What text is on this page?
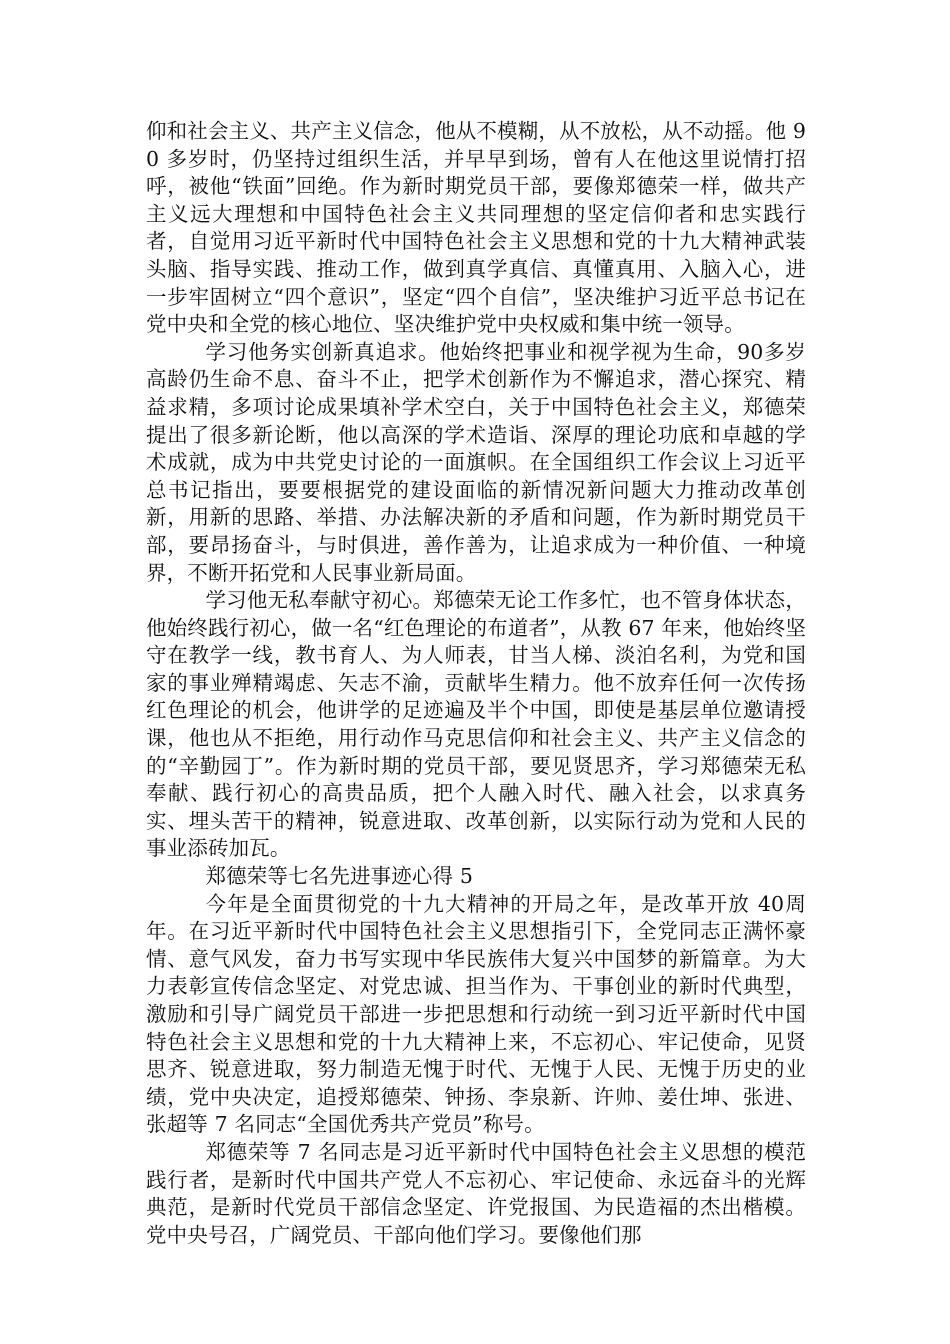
仰和社会主义、共产主义信念，他从不模糊，从不放松，从不动摇。他 90 多岁时，仍坚持过组织生活，并早早到场，曾有人在他这里说情打招呼，被他“铁面”回绝。作为新时期党员干部，要像郑德荣一样，做共产主义远大理想和中国特色社会主义共同理想的坚定信仰者和忠实践行者，自觉用习近平新时代中国特色社会主义思想和党的十九大精神武装头脑、指导实践、推动工作，做到真学真信、真懂真用、入脑入心，进一步牢固树立“四个意识”，坚定“四个自信”，坚决维护习近平总书记在党中央和全党的核心地位、坚决维护党中央权威和集中统一领导。

学习他务实创新真追求。他始终把事业和视学视为生命，90多岁高龄仍生命不息、奋斗不止，把学术创新作为不懈追求，潜心探究、精益求精，多项讨论成果填补学术空白，关于中国特色社会主义，郑德荣提出了很多新论断，他以高深的学术造诣、深厚的理论功底和卓越的学术成就，成为中共党史讨论的一面旗帜。在全国组织工作会议上习近平总书记指出，要要根据党的建设面临的新情况新问题大力推动改革创新，用新的思路、举措、办法解决新的矛盾和问题，作为新时期党员干部，要昂扬奋斗，与时俱进，善作善为，让追求成为一种价值、一种境界，不断开拓党和人民事业新局面。

学习他无私奉献守初心。郑德荣无论工作多忙，也不管身体状态，他始终践行初心，做一名“红色理论的布道者”，从教 67 年来，他始终坚守在教学一线，教书育人、为人师表，甘当人梯、淡泊名利，为党和国家的事业殚精竭虑、矢志不渝，贡献毕生精力。他不放弃任何一次传扬红色理论的机会，他讲学的足迹遍及半个中国，即使是基层单位邀请授课，他也从不拒绝，用行动作马克思信仰和社会主义、共产主义信念的的“辛勤园丁”。作为新时期的党员干部，要见贤思齐，学习郑德荣无私奉献、践行初心的高贵品质，把个人融入时代、融入社会，以求真务实、埋头苦干的精神，锐意进取、改革创新，以实际行动为党和人民的事业添砖加瓦。

郑德荣等七名先进事迹心得 5

今年是全面贯彻党的十九大精神的开局之年，是改革开放 40周年。在习近平新时代中国特色社会主义思想指引下，全党同志正满怀豪情、意气风发，奋力书写实现中华民族伟大复兴中国梦的新篇章。为大力表彰宣传信念坚定、对党忠诚、担当作为、干事创业的新时代典型，激励和引导广阔党员干部进一步把思想和行动统一到习近平新时代中国特色社会主义思想和党的十九大精神上来，不忘初心、牢记使命，见贤思齐、锐意进取，努力制造无愧于时代、无愧于人民、无愧于历史的业绩，党中央决定，追授郑德荣、钟扬、李泉新、许帅、姜仕坤、张进、张超等 7 名同志“全国优秀共产党员”称号。

郑德荣等 7 名同志是习近平新时代中国特色社会主义思想的模范践行者，是新时代中国共产党人不忘初心、牢记使命、永远奋斗的光辉典范，是新时代党员干部信念坚定、许党报国、为民造福的杰出楷模。党中央号召，广阔党员、干部向他们学习。要像他们那
